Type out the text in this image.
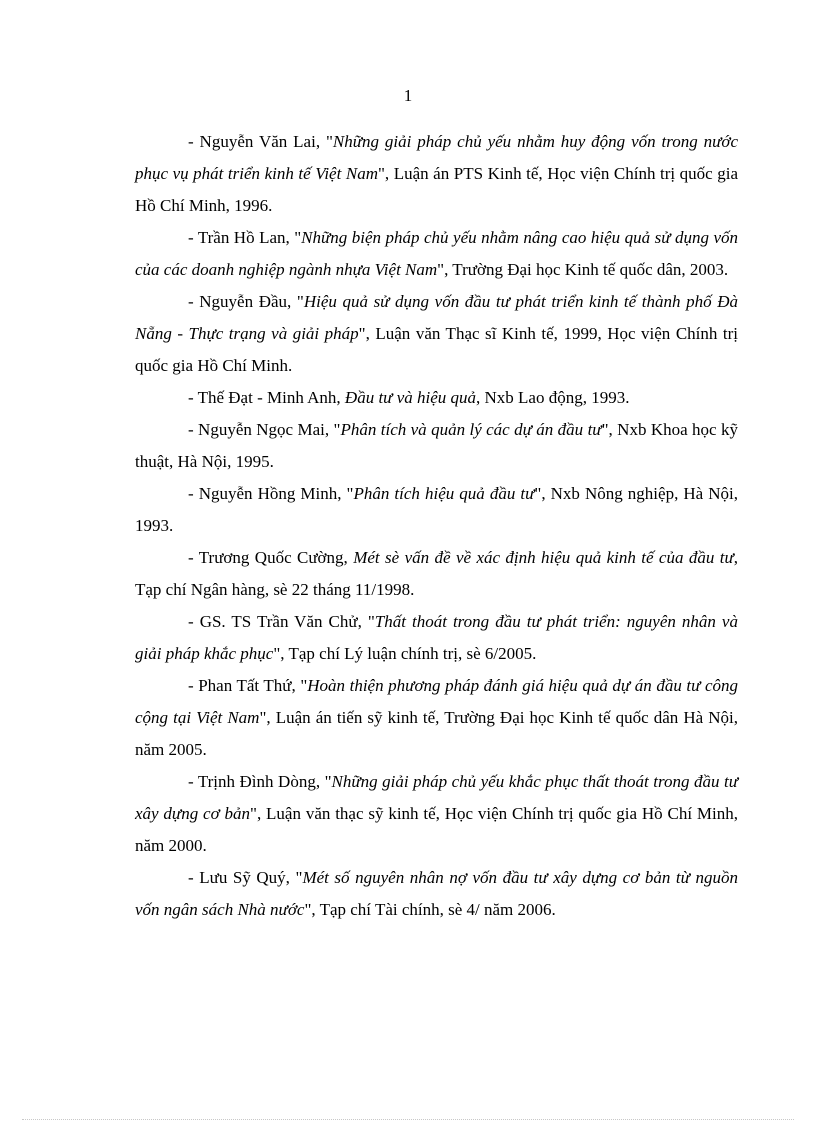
1

- Nguyễn Văn Lai, "Những giải pháp chủ yếu nhằm huy động vốn trong nước phục vụ phát triển kinh tế Việt Nam", Luận án PTS Kinh tế, Học viện Chính trị quốc gia Hồ Chí Minh, 1996.

- Trần Hồ Lan, "Những biện pháp chủ yếu nhằm nâng cao hiệu quả sử dụng vốn của các doanh nghiệp ngành nhựa Việt Nam", Trường Đại học Kinh tế quốc dân, 2003.

- Nguyễn Đầu, "Hiệu quả sử dụng vốn đầu tư phát triển kinh tế thành phố Đà Nẵng - Thực trạng và giải pháp", Luận văn Thạc sĩ Kinh tế, 1999, Học viện Chính trị quốc gia Hồ Chí Minh.

- Thế Đạt - Minh Anh, Đầu tư và hiệu quả, Nxb Lao động, 1993.

- Nguyễn Ngọc Mai, "Phân tích và quản lý các dự án đầu tư", Nxb Khoa học kỹ thuật, Hà Nội, 1995.

- Nguyễn Hồng Minh, "Phân tích hiệu quả đầu tư", Nxb Nông nghiệp, Hà Nội, 1993.

- Trương Quốc Cường, Mét sè vấn đề về xác định hiệu quả kinh tế của đầu tư, Tạp chí Ngân hàng, sè 22 tháng 11/1998.

- GS. TS Trần Văn Chử, "Thất thoát trong đầu tư phát triển: nguyên nhân và giải pháp khắc phục", Tạp chí Lý luận chính trị, sè 6/2005.

- Phan Tất Thứ, "Hoàn thiện phương pháp đánh giá hiệu quả dự án đầu tư công cộng tại Việt Nam", Luận án tiến sỹ kinh tế, Trường Đại học Kinh tế quốc dân Hà Nội, năm 2005.

- Trịnh Đình Dòng, "Những giải pháp chủ yếu khắc phục thất thoát trong đầu tư xây dựng cơ bản", Luận văn thạc sỹ kinh tế, Học viện Chính trị quốc gia Hồ Chí Minh, năm 2000.

- Lưu Sỹ Quý, "Mét số nguyên nhân nợ vốn đầu tư xây dựng cơ bản từ nguồn vốn ngân sách Nhà nước", Tạp chí Tài chính, sè 4/ năm 2006.
